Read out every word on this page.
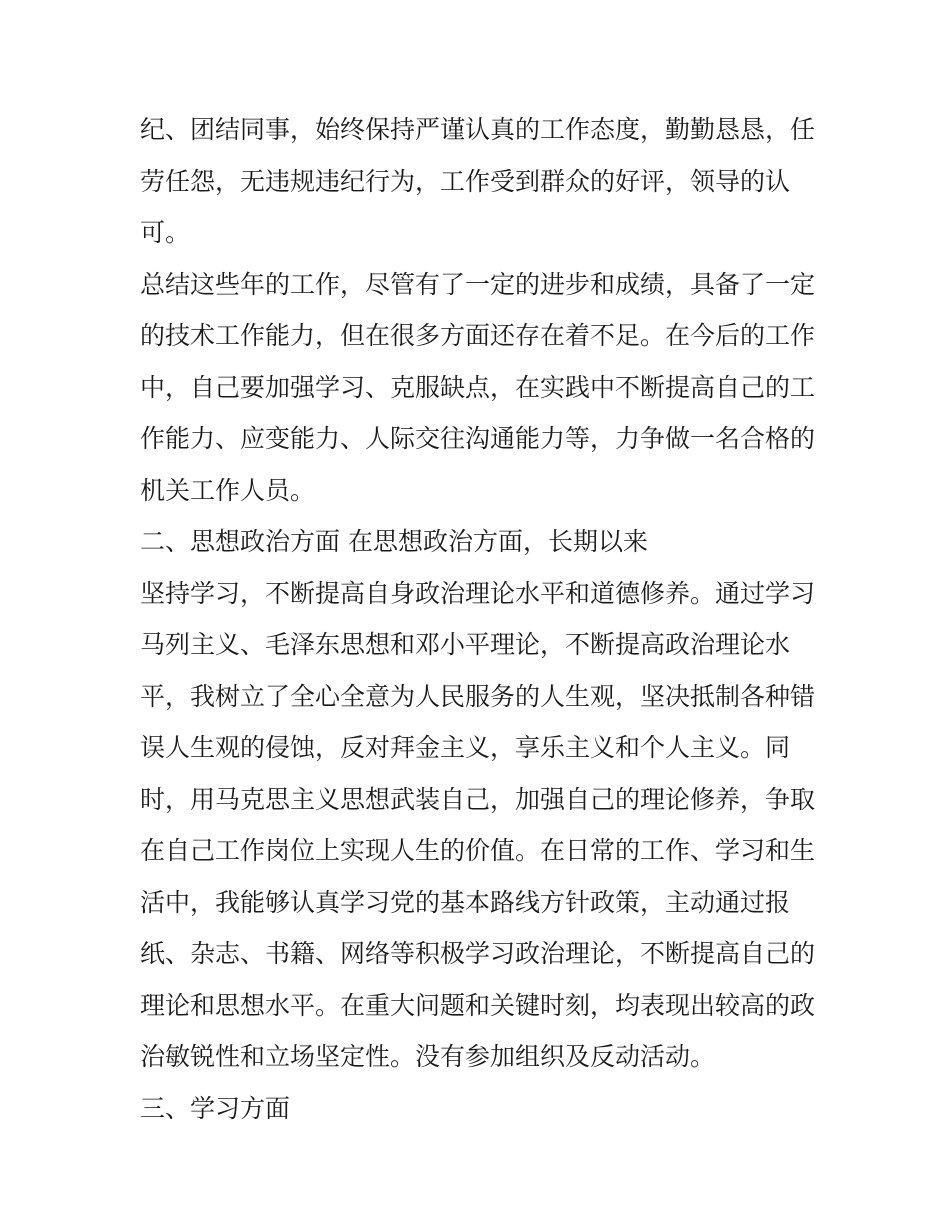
纪、团结同事，始终保持严谨认真的工作态度，勤勤恳恳，任
劳任怨，无违规违纪行为，工作受到群众的好评，领导的认
可。
总结这些年的工作，尽管有了一定的进步和成绩，具备了一定
的技术工作能力，但在很多方面还存在着不足。在今后的工作
中，自己要加强学习、克服缺点，在实践中不断提高自己的工
作能力、应变能力、人际交往沟通能力等，力争做一名合格的
机关工作人员。
二、思想政治方面 在思想政治方面，长期以来
坚持学习，不断提高自身政治理论水平和道德修养。通过学习
马列主义、毛泽东思想和邓小平理论，不断提高政治理论水
平，我树立了全心全意为人民服务的人生观，坚决抵制各种错
误人生观的侵蚀，反对拜金主义，享乐主义和个人主义。同
时，用马克思主义思想武装自己，加强自己的理论修养，争取
在自己工作岗位上实现人生的价值。在日常的工作、学习和生
活中，我能够认真学习党的基本路线方针政策，主动通过报
纸、杂志、书籍、网络等积极学习政治理论，不断提高自己的
理论和思想水平。在重大问题和关键时刻，均表现出较高的政
治敏锐性和立场坚定性。没有参加组织及反动活动。
三、学习方面
